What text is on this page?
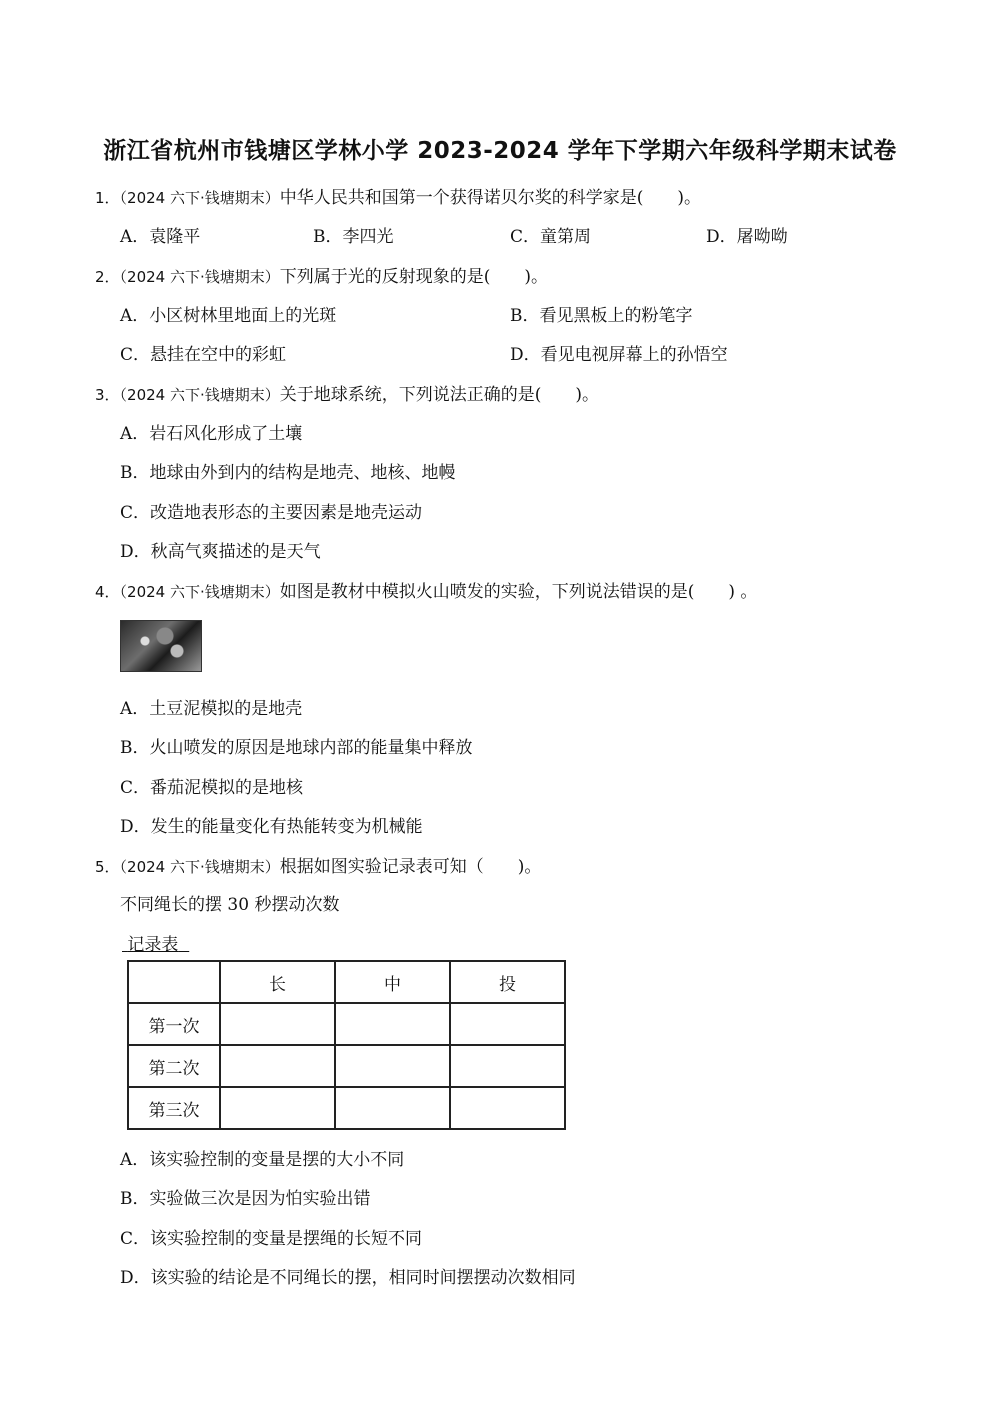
浙江省杭州市钱塘区学林小学 2023-2024 学年下学期六年级科学期末试卷
1．（2024 六下·钱塘期末）中华人民共和国第一个获得诺贝尔奖的科学家是(　　)。
A．袁隆平	B．李四光	C．童第周	D．屠呦呦
2．（2024 六下·钱塘期末）下列属于光的反射现象的是(　　)。
A．小区树林里地面上的光斑	B．看见黑板上的粉笔字
C．悬挂在空中的彩虹	D．看见电视屏幕上的孙悟空
3．（2024 六下·钱塘期末）关于地球系统，下列说法正确的是(　　)。
A．岩石风化形成了土壤
B．地球由外到内的结构是地壳、地核、地幔
C．改造地表形态的主要因素是地壳运动
D．秋高气爽描述的是天气
4．（2024 六下·钱塘期末）如图是教材中模拟火山喷发的实验，下列说法错误的是(　　) 。
A．土豆泥模拟的是地壳
B．火山喷发的原因是地球内部的能量集中释放
C．番茄泥模拟的是地核
D．发生的能量变化有热能转变为机械能
5．（2024 六下·钱塘期末）根据如图实验记录表可知（　　)。
不同绳长的摆 30 秒摆动次数
记录表
	长	中	投
第一次			
第二次			
第三次			
A．该实验控制的变量是摆的大小不同
B．实验做三次是因为怕实验出错
C．该实验控制的变量是摆绳的长短不同
D．该实验的结论是不同绳长的摆，相同时间摆摆动次数相同
